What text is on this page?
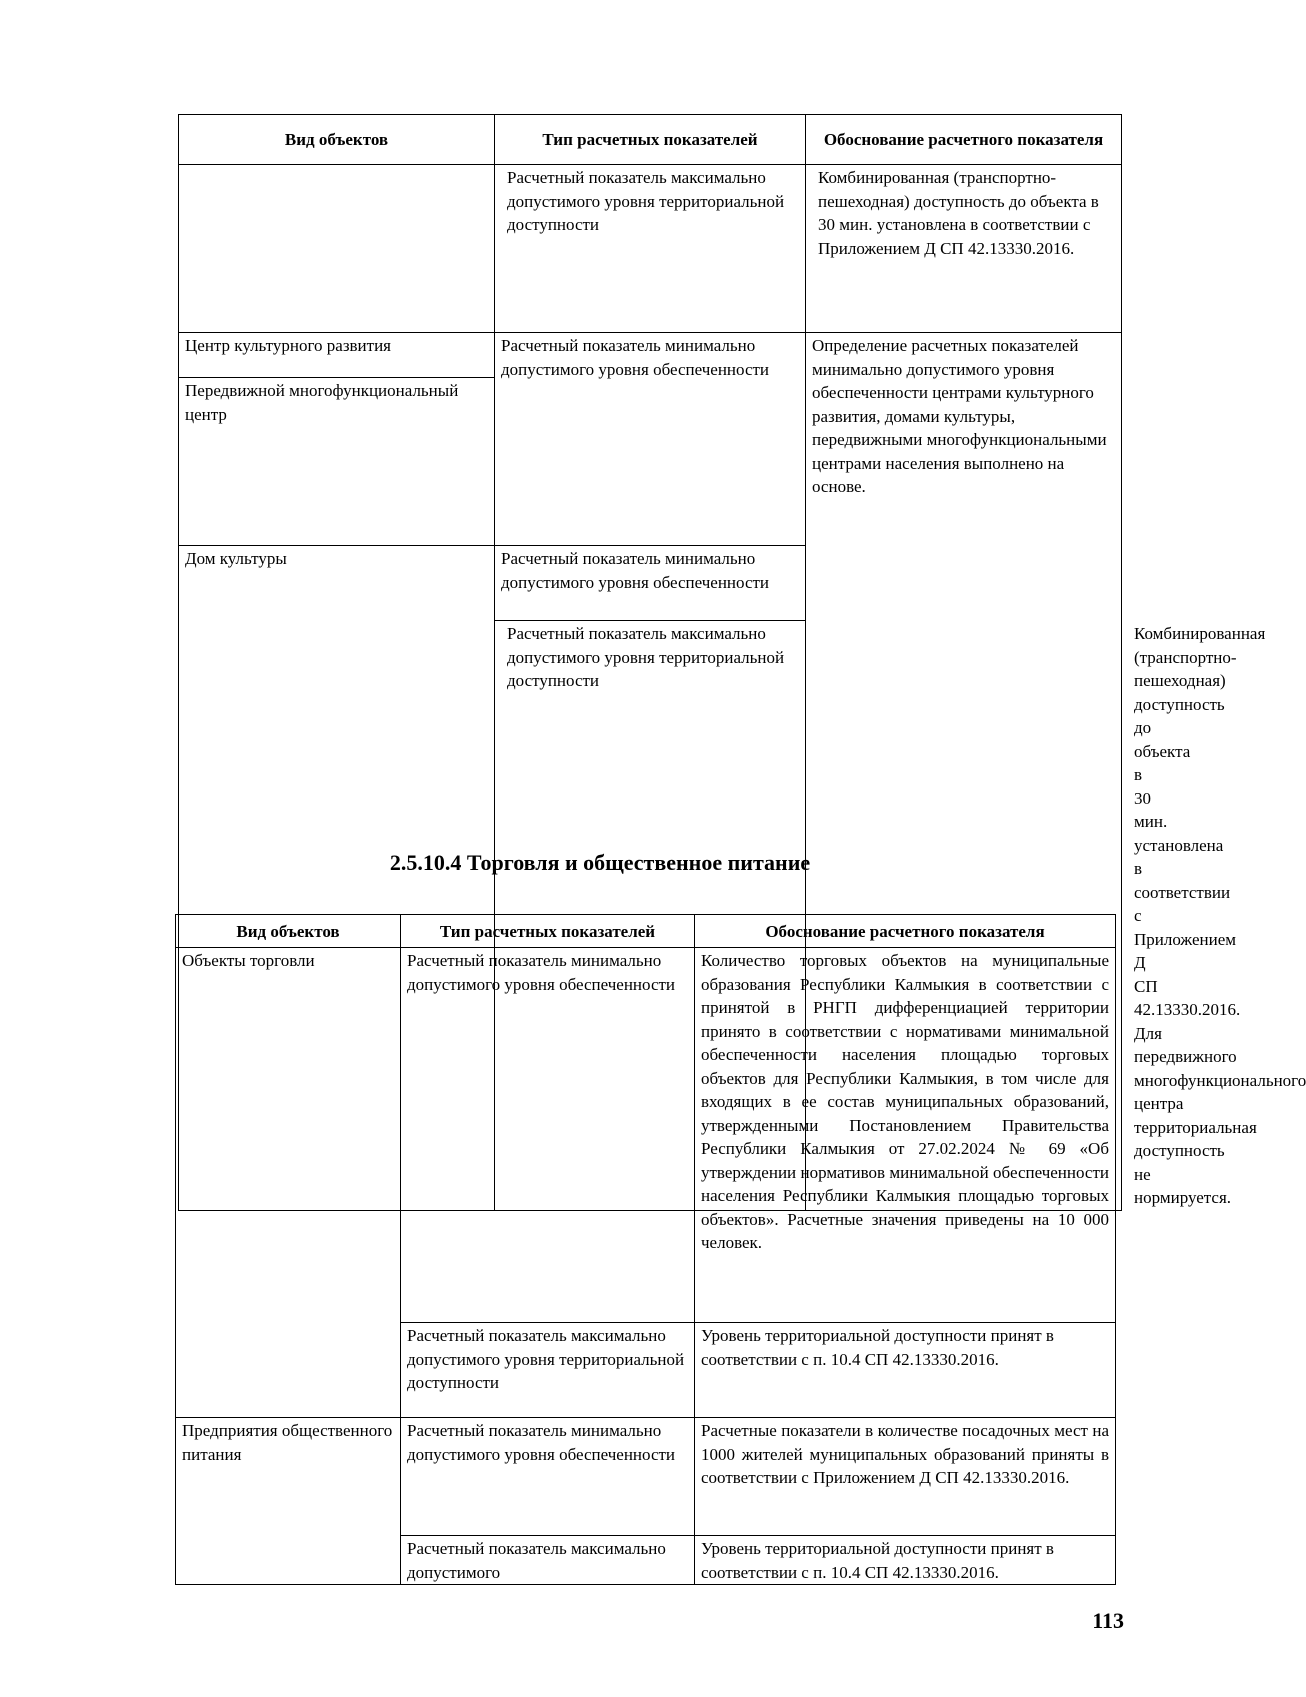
Вид объектов	Тип расчетных показателей	Обоснование расчетного показателя	
	Расчетный показатель максимально допустимого уровня территориальной доступности	Комбинированная (транспортно-пешеходная) доступность до объекта в 30 мин. установлена в соответствии с Приложением Д СП 42.13330.2016.	
Центр культурного развития	Расчетный показатель минимально допустимого уровня обеспеченности	Определение расчетных показателей минимально допустимого уровня обеспеченности центрами культурного развития, домами культуры, передвижными многофункциональными центрами населения выполнено на основе.	
Передвижной многофункциональный центр			
Дом культуры	Расчетный показатель минимально допустимого уровня обеспеченности		
	Расчетный показатель максимально допустимого уровня территориальной доступности		Комбинированная (транспортно-пешеходная) доступность до объекта в 30 мин. установлена в соответствии с Приложением Д СП 42.13330.2016. Для передвижного многофункционального центра территориальная доступность не нормируется.
2.5.10.4 Торговля и общественное питание
Вид объектов	Тип расчетных показателей	Обоснование расчетного показателя
Объекты торговли	Расчетный показатель минимально допустимого уровня обеспеченности	Количество торговых объектов на муниципальные образования Республики Калмыкия в соответствии с принятой в РНГП дифференциацией территории принято в соответствии с нормативами минимальной обеспеченности населения площадью торговых объектов для Республики Калмыкия, в том числе для входящих в ее состав муниципальных образований, утвержденными Постановлением Правительства Республики Калмыкия от 27.02.2024 № 69 «Об утверждении нормативов минимальной обеспеченности населения Республики Калмыкия площадью торговых объектов». Расчетные значения приведены на 10 000 человек.
	Расчетный показатель максимально допустимого уровня территориальной доступности	Уровень территориальной доступности принят в соответствии с п. 10.4 СП 42.13330.2016.
Предприятия общественного питания	Расчетный показатель минимально допустимого уровня обеспеченности	Расчетные показатели в количестве посадочных мест на 1000 жителей муниципальных образований приняты в соответствии с Приложением Д СП 42.13330.2016.
	Расчетный показатель максимально допустимого	Уровень территориальной доступности принят в соответствии с п. 10.4 СП 42.13330.2016.
113
